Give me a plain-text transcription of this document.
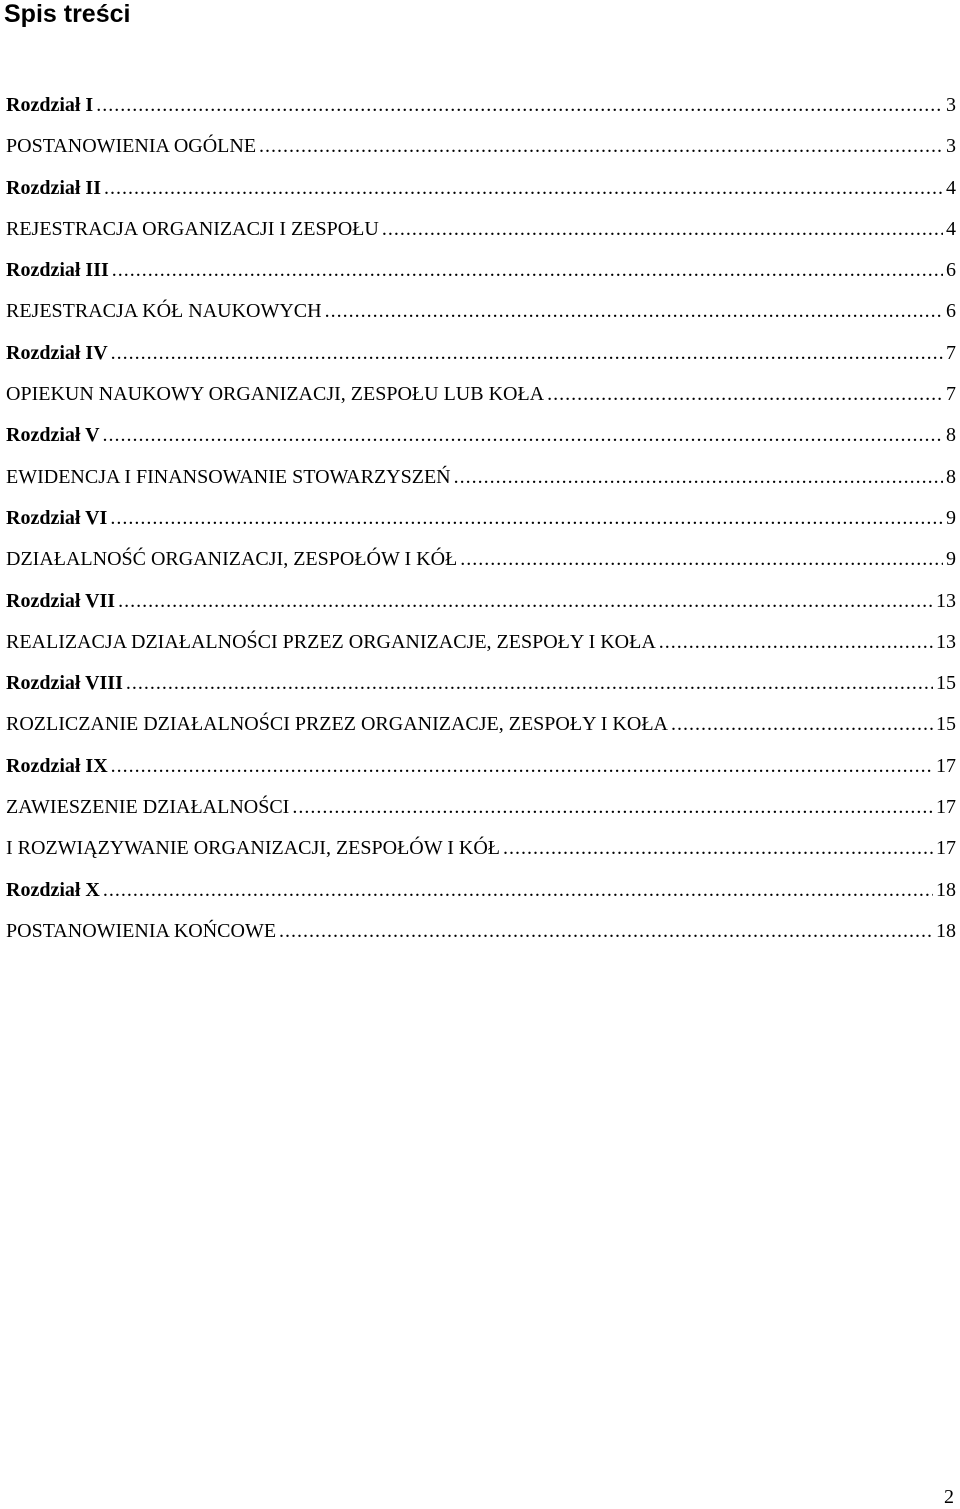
Spis treści
Rozdział I .....	3
POSTANOWIENIA OGÓLNE .....	3
Rozdział II .....	4
REJESTRACJA ORGANIZACJI I ZESPOŁU .....	4
Rozdział III .....	6
REJESTRACJA KÓŁ NAUKOWYCH .....	6
Rozdział IV .....	7
OPIEKUN NAUKOWY ORGANIZACJI, ZESPOŁU LUB KOŁA .....	7
Rozdział V .....	8
EWIDENCJA I FINANSOWANIE STOWARZYSZEŃ .....	8
Rozdział VI .....	9
DZIAŁALNOŚĆ ORGANIZACJI, ZESPOŁÓW I KÓŁ .....	9
Rozdział VII .....	13
REALIZACJA DZIAŁALNOŚCI PRZEZ ORGANIZACJE, ZESPOŁY I KOŁA .....	13
Rozdział VIII .....	15
ROZLICZANIE DZIAŁALNOŚCI PRZEZ ORGANIZACJE, ZESPOŁY I KOŁA .....	15
Rozdział IX .....	17
ZAWIESZENIE DZIAŁALNOŚCI .....	17
I ROZWIĄZYWANIE ORGANIZACJI, ZESPOŁÓW I KÓŁ .....	17
Rozdział X .....	18
POSTANOWIENIA KOŃCOWE .....	18
2
